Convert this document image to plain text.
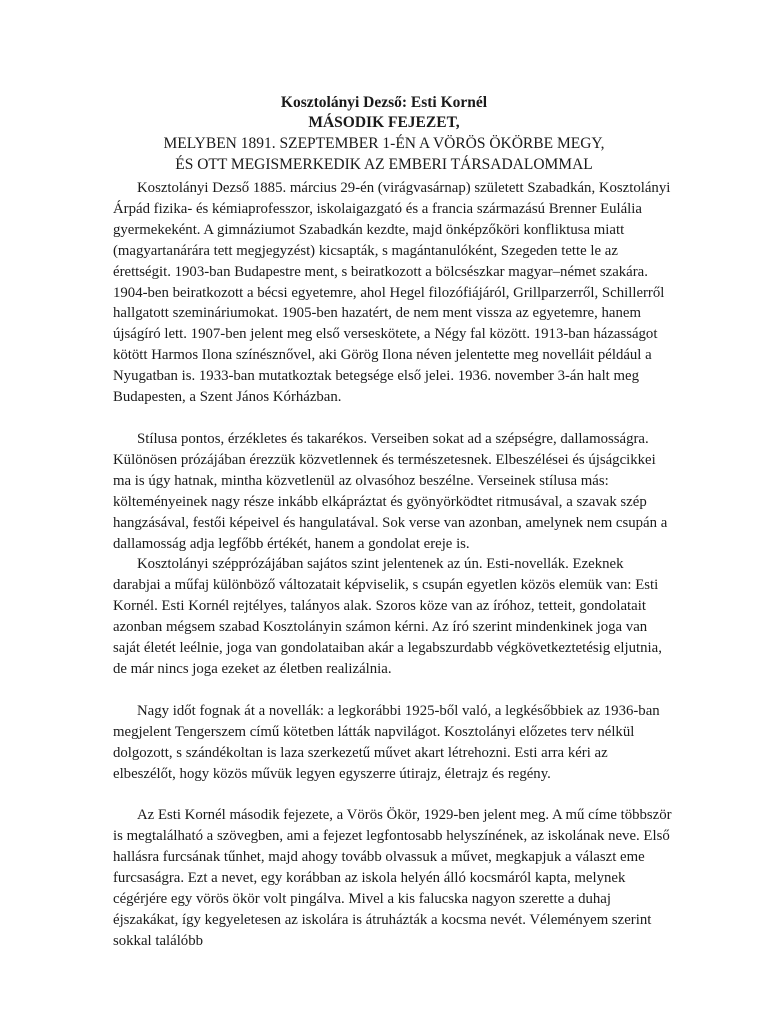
Kosztolányi Dezső: Esti Kornél
MÁSODIK FEJEZET,
MELYBEN 1891. SZEPTEMBER 1-ÉN A VÖRÖS ÖKÖRBE MEGY,
ÉS OTT MEGISMERKEDIK AZ EMBERI TÁRSADALOMMAL

Kosztolányi Dezső 1885. március 29-én (virágvasárnap) született Szabadkán, Kosztolányi Árpád fizika- és kémiaprofesszor, iskolaigazgató és a francia származású Brenner Eulália gyermekeként. A gimnáziumot Szabadkán kezdte, majd önképzőköri konfliktusa miatt (magyartanárára tett megjegyzést) kicsapták, s magántanulóként, Szegeden tette le az érettségit. 1903-ban Budapestre ment, s beiratkozott a bölcsészkar magyar–német szakára. 1904-ben beiratkozott a bécsi egyetemre, ahol Hegel filozófiájáról, Grillparzerről, Schillerről hallgatott szemináriumokat. 1905-ben hazatért, de nem ment vissza az egyetemre, hanem újságíró lett. 1907-ben jelent meg első verseskötete, a Négy fal között. 1913-ban házasságot kötött Harmos Ilona színésznővel, aki Görög Ilona néven jelentette meg novelláit például a Nyugatban is. 1933-ban mutatkoztak betegsége első jelei. 1936. november 3-án halt meg Budapesten, a Szent János Kórházban.

Stílusa pontos, érzékletes és takarékos. Verseiben sokat ad a szépségre, dallamosságra. Különösen prózájában érezzük közvetlennek és természetesnek. Elbeszélései és újságcikkei ma is úgy hatnak, mintha közvetlenül az olvasóhoz beszélne. Verseinek stílusa más: költeményeinek nagy része inkább elkápráztat és gyönyörködtet ritmusával, a szavak szép hangzásával, festői képeivel és hangulatával. Sok verse van azonban, amelynek nem csupán a dallamosság adja legfőbb értékét, hanem a gondolat ereje is.

Kosztolányi szépprózájában sajátos szint jelentenek az ún. Esti-novellák. Ezeknek darabjai a műfaj különböző változatait képviselik, s csupán egyetlen közös elemük van: Esti Kornél. Esti Kornél rejtélyes, talányos alak. Szoros köze van az íróhoz, tetteit, gondolatait azonban mégsem szabad Kosztolányin számon kérni. Az író szerint mindenkinek joga van saját életét leélnie, joga van gondolataiban akár a legabszurdabb végkövetkeztetésig eljutnia, de már nincs joga ezeket az életben realizálnia.

Nagy időt fognak át a novellák: a legkorábbi 1925-ből való, a legkésőbbiek az 1936-ban megjelent Tengerszem című kötetben látták napvilágot. Kosztolányi előzetes terv nélkül dolgozott, s szándékoltan is laza szerkezetű művet akart létrehozni. Esti arra kéri az elbeszélőt, hogy közös művük legyen egyszerre útirajz, életrajz és regény.

Az Esti Kornél második fejezete, a Vörös Ökör, 1929-ben jelent meg. A mű címe többször is megtalálható a szövegben, ami a fejezet legfontosabb helyszínének, az iskolának neve. Első hallásra furcsának tűnhet, majd ahogy tovább olvassuk a művet, megkapjuk a választ eme furcsaságra. Ezt a nevet, egy korábban az iskola helyén álló kocsmáról kapta, melynek cégérjére egy vörös ökör volt pingálva. Mivel a kis falucska nagyon szerette a duhaj éjszakákat, így kegyeletesen az iskolára is átruházták a kocsma nevét. Véleményem szerint sokkal találóbb
